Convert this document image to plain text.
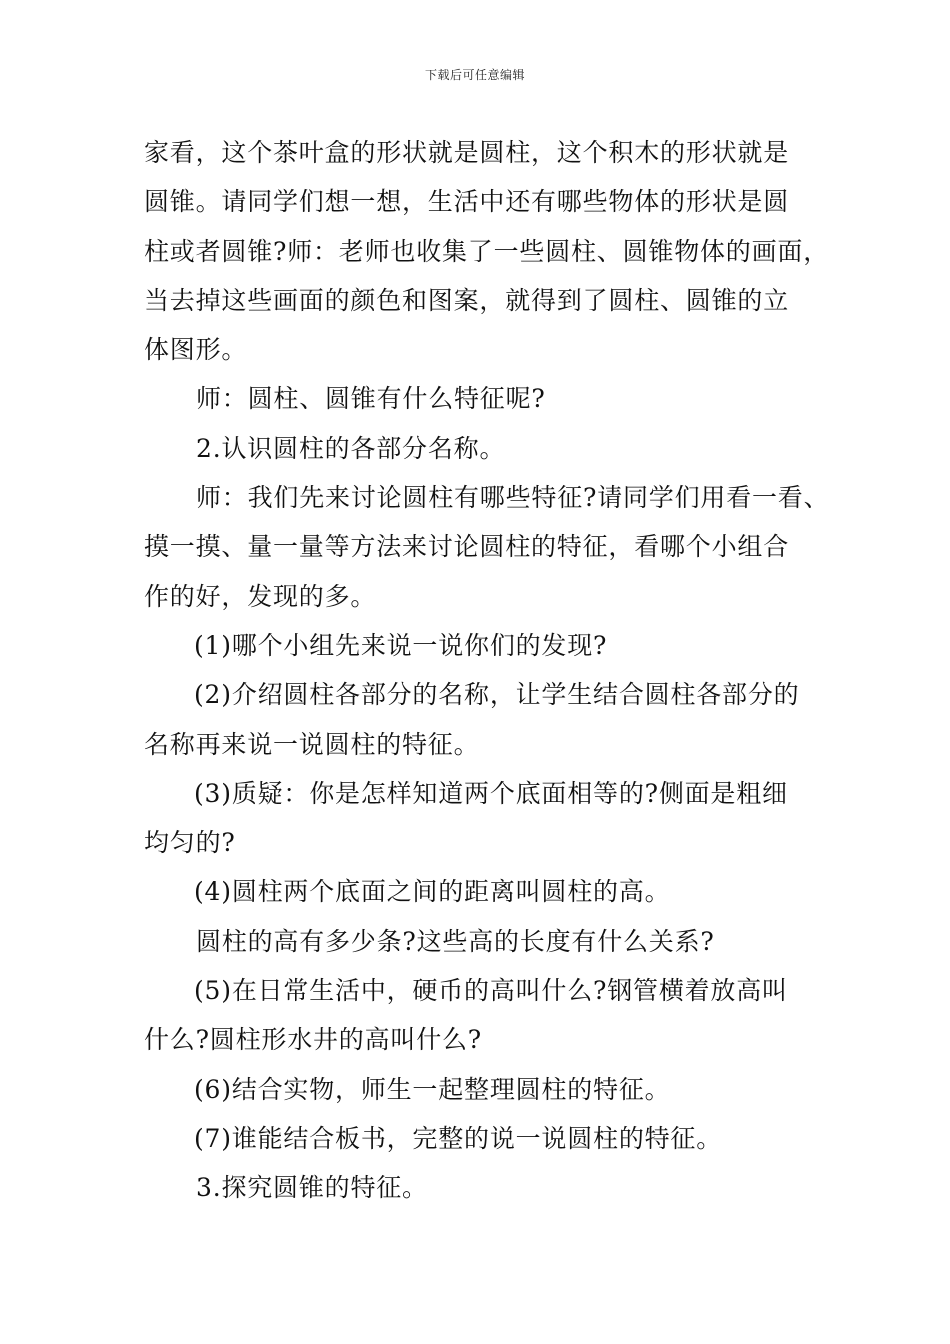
下载后可任意编辑
家看，这个茶叶盒的形状就是圆柱，这个积木的形状就是
圆锥。请同学们想一想，生活中还有哪些物体的形状是圆
柱或者圆锥?师：老师也收集了一些圆柱、圆锥物体的画面，
当去掉这些画面的颜色和图案，就得到了圆柱、圆锥的立
体图形。
师：圆柱、圆锥有什么特征呢?
2.认识圆柱的各部分名称。
师：我们先来讨论圆柱有哪些特征?请同学们用看一看、
摸一摸、量一量等方法来讨论圆柱的特征，看哪个小组合
作的好，发现的多。
(1)哪个小组先来说一说你们的发现?
(2)介绍圆柱各部分的名称，让学生结合圆柱各部分的
名称再来说一说圆柱的特征。
(3)质疑：你是怎样知道两个底面相等的?侧面是粗细
均匀的?
(4)圆柱两个底面之间的距离叫圆柱的高。
圆柱的高有多少条?这些高的长度有什么关系?
(5)在日常生活中，硬币的高叫什么?钢管横着放高叫
什么?圆柱形水井的高叫什么?
(6)结合实物，师生一起整理圆柱的特征。
(7)谁能结合板书，完整的说一说圆柱的特征。
3.探究圆锥的特征。
